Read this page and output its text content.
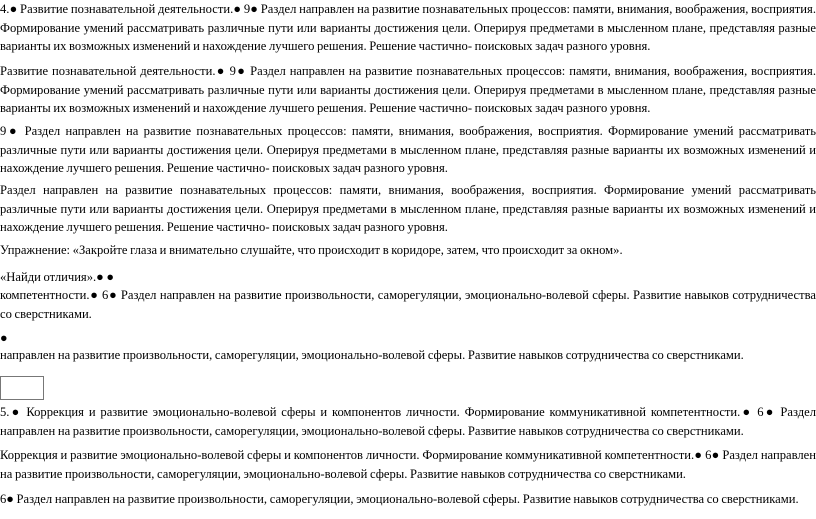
4.● Развитие познавательной деятельности.● 9● Раздел направлен на развитие познавательных процессов: памяти, внимания, воображения, восприятия. Формирование умений рассматривать различные пути или варианты достижения цели. Оперируя предметами в мысленном плане, представляя разные варианты их возможных изменений и нахождение лучшего решения. Решение частично- поисковых задач разного уровня.

Развитие познавательной деятельности.● 9● Раздел направлен на развитие познавательных процессов: памяти, внимания, воображения, восприятия. Формирование умений рассматривать различные пути или варианты достижения цели. Оперируя предметами в мысленном плане, представляя разные варианты их возможных изменений и нахождение лучшего решения. Решение частично- поисковых задач разного уровня.

9● Раздел направлен на развитие познавательных процессов: памяти, внимания, воображения, восприятия. Формирование умений рассматривать различные пути или варианты достижения цели. Оперируя предметами в мысленном плане, представляя разные варианты их возможных изменений и нахождение лучшего решения. Решение частично- поисковых задач разного уровня.

Раздел направлен на развитие познавательных процессов: памяти, внимания, воображения, восприятия. Формирование умений рассматривать различные пути или варианты достижения цели. Оперируя предметами в мысленном плане, представляя разные варианты их возможных изменений и нахождение лучшего решения. Решение частично- поисковых задач разного уровня.

Упражнение: «Закройте глаза и внимательно слушайте, что происходит в коридоре, затем, что происходит за окном».

«Найди отличия».● ●

компетентности.● 6● Раздел направлен на развитие произвольности, саморегуляции, эмоционально-волевой сферы. Развитие навыков сотрудничества со сверстниками.

●

направлен на развитие произвольности, саморегуляции, эмоционально-волевой сферы. Развитие навыков сотрудничества со сверстниками.

5.● Коррекция и развитие эмоционально-волевой сферы и компонентов личности. Формирование коммуникативной компетентности.● 6● Раздел направлен на развитие произвольности, саморегуляции, эмоционально-волевой сферы. Развитие навыков сотрудничества со сверстниками.

Коррекция и развитие эмоционально-волевой сферы и компонентов личности. Формирование коммуникативной компетентности.● 6● Раздел направлен на развитие произвольности, саморегуляции, эмоционально-волевой сферы. Развитие навыков сотрудничества со сверстниками.

6● Раздел направлен на развитие произвольности, саморегуляции, эмоционально-волевой сферы. Развитие навыков сотрудничества со сверстниками.
